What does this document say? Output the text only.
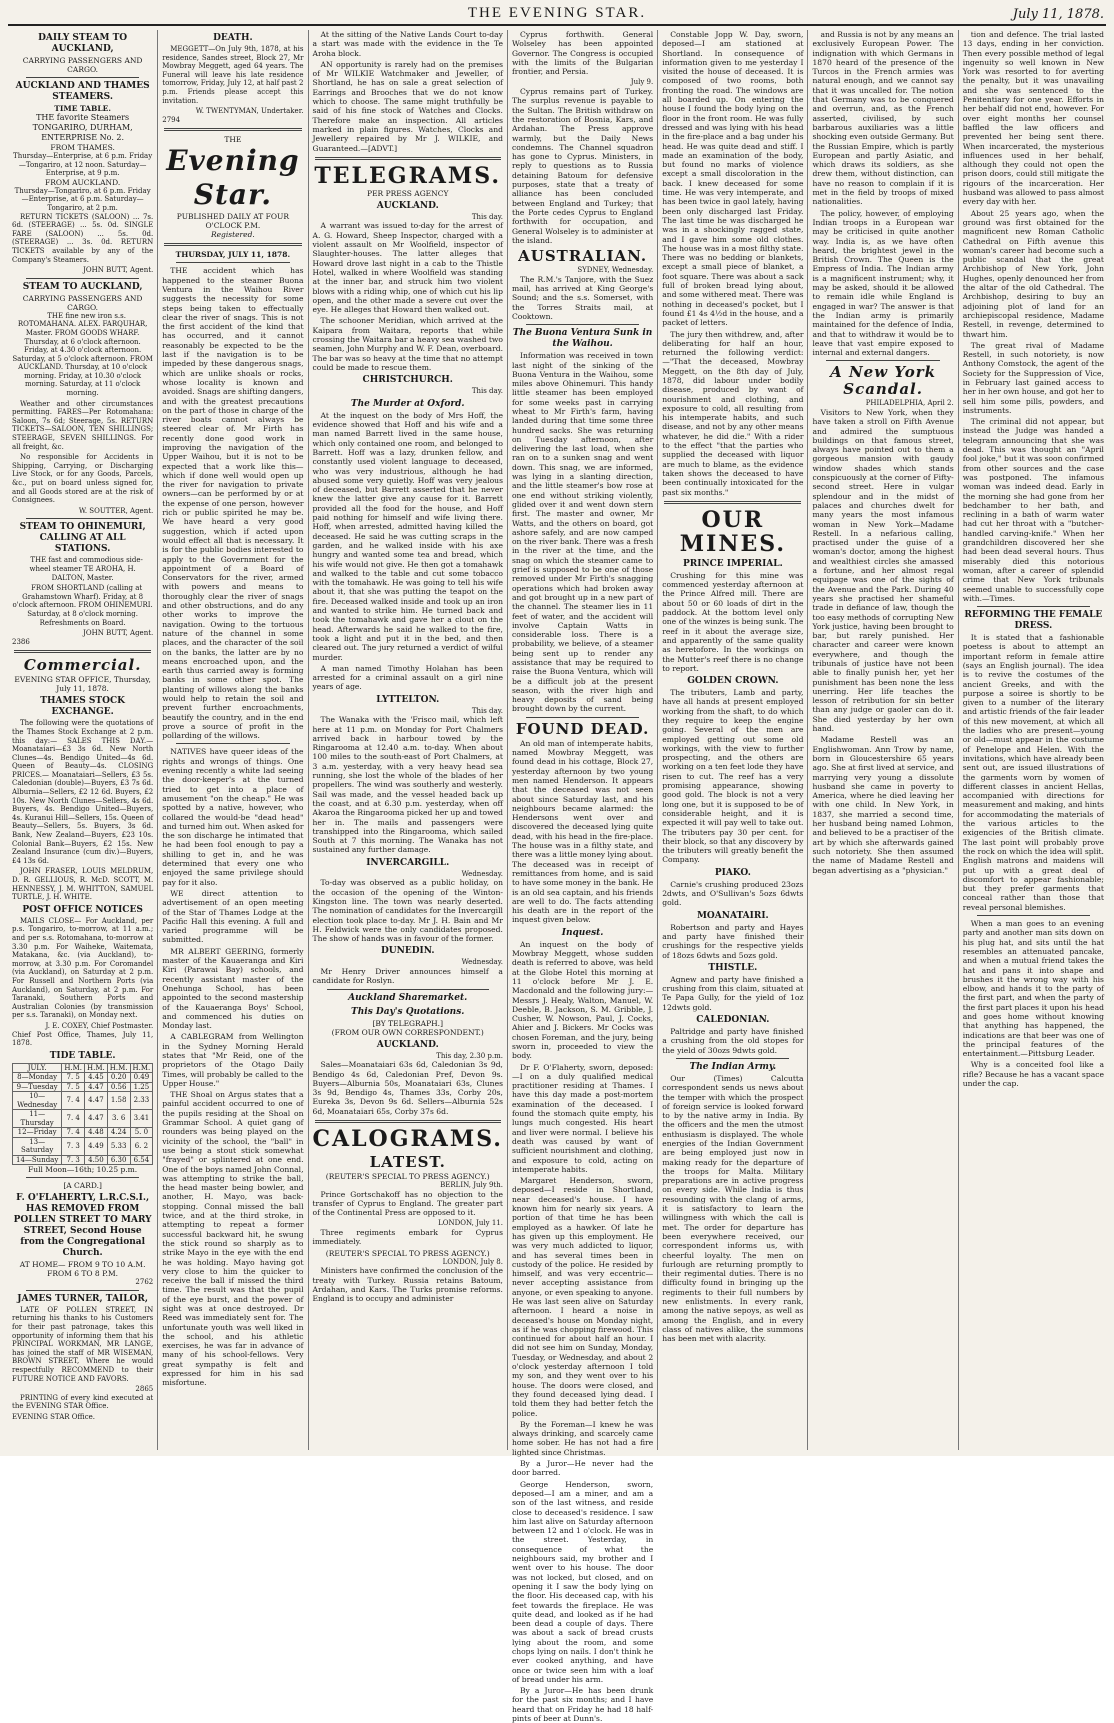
THE EVENING STAR.	July 11, 1878.
DAILY STEAM TO AUCKLAND,
CARRYING PASSENGERS AND CARGO.
AUCKLAND AND THAMES STEAMERS.
TIME TABLE.
THE favorite Steamers TONGARIRO, DURHAM, ENTERPRISE No. 2.
FROM THAMES.
Thursday—Enterprise, at 6 p.m. Friday—Tongariro, at 12 noon. Saturday—Enterprise, at 9 p.m.
FROM AUCKLAND.
Thursday—Tongariro, at 6 p.m. Friday—Enterprise, at 6 p.m. Saturday—Tongariro, at 2 p.m.

RETURN TICKETS (SALOON) ... 7s. 6d. (STEERAGE) ... 5s. 0d. SINGLE FARE (SALOON) ... 5s. 0d. (STEERAGE) ... 3s. 0d. RETURN TICKETS available by any of the Company's Steamers.

JOHN BUTT, Agent.
STEAM TO AUCKLAND,
CARRYING PASSENGERS AND CARGO.

THE fine new iron s.s. ROTOMAHANA. ALEX. FARQUHAR, Master. FROM GOODS WHARF. Thursday, at 6 o'clock afternoon. Friday, at 4.30 o'clock afternoon. Saturday, at 5 o'clock afternoon. FROM AUCKLAND. Thursday, at 10 o'clock morning. Friday, at 10.30 o'clock morning. Saturday, at 11 o'clock morning.

Weather and other circumstances permitting. FARES—Per Rotomahana: Saloon, 7s 6d; Steerage, 5s. RETURN TICKETS—SALOON, TEN SHILLINGS; STEERAGE, SEVEN SHILLINGS. For all freight, &c.

No responsible for Accidents in Shipping, Carrying, or Discharging Live Stock, or for any Goods, Parcels, &c., put on board unless signed for, and all Goods stored are at the risk of Consignees.

W. SOUTTER, Agent.
STEAM TO OHINEMURI, CALLING AT ALL STATIONS.

THE fast and commodious side-wheel steamer TE AROHA, H. DALTON, Master.

FROM SHORTLAND (calling at Grahamstown Wharf). Friday, at 8 o'clock afternoon. FROM OHINEMURI. Saturday, at 8 o'clock morning. Refreshments on Board.

JOHN BUTT, Agent.
2386
Commercial.
EVENING STAR OFFICE, Thursday, July 11, 1878.
THAMES STOCK EXCHANGE.

The following were the quotations of the Thames Stock Exchange at 2 p.m. this day:— SALES THIS DAY.— Moanataiari—£3 3s 6d. New North Clunes—4s. Bendigo United—4s 6d. Queen of Beauty—4s. CLOSING PRICES.— Moanataiari—Sellers, £3 5s. Caledonian (double)—Buyers, £3 7s 6d. Alburnia—Sellers, £2 12 6d. Buyers, £2 10s. New North Clunes—Sellers, 4s 6d. Buyers, 4s. Bendigo United—Buyers, 4s. Kuranui Hill—Sellers, 15s. Queen of Beauty—Sellers, 5s. Buyers, 3s 6d. Bank, New Zealand—Buyers, £23 10s. Colonial Bank—Buyers, £2 15s. New Zealand Insurance (cum div.)—Buyers, £4 13s 6d.

JOHN FRASER, LOUIS MELDRUM, D. R. GELLIOUS, R. McD. SCOTT, M. HENNESSY, J. M. WHITTON, SAMUEL TURTLE, J. H. WHITE.

POST OFFICE NOTICES

MAILS CLOSE— For Auckland, per p.s. Tongariro, to-morrow, at 11 a.m.; and per s.s. Rotomahana, to-morrow at 3.30 p.m. For Waiheke, Waitemata, Matakana, &c. (via Auckland), to-morrow, at 3.30 p.m. For Coromandel (via Auckland), on Saturday at 2 p.m. For Russell and Northern Ports (via Auckland), on Saturday, at 2 p.m. For Taranaki, Southern Ports and Australian Colonies (by transmission per s.s. Taranaki), on Monday next.

J. E. COXEY, Chief Postmaster.
Chief Post Office, Thames, July 11, 1878.
TIDE TABLE.
JULY.	H.M.	H.M.	H.M.	H.M.
8—Monday	7. 5	4.45	0.20	0.49
9—Tuesday	7. 5	4.47	0.56	1.25
10—Wednesday	7. 4	4.47	1.58	2.33
11—Thursday	7. 4	4.47	3. 6	3.41
12—Friday	7. 4	4.48	4.24	5. 0
13—Saturday	7. 3	4.49	5.33	6. 2
14—Sunday	7. 3	4.50	6.30	6.54
Full Moon—16th; 10.25 p.m.
[A CARD.]
F. O'FLAHERTY, L.R.C.S.I., HAS REMOVED FROM POLLEN STREET TO MARY STREET, Second House from the Congregational Church.
AT HOME— FROM 9 TO 10 A.M. FROM 6 TO 8 P.M.
2762
JAMES TURNER, TAILOR,

LATE OF POLLEN STREET, IN returning his thanks to his Customers for their past patronage, takes this opportunity of informing them that his PRINCIPAL WORKMAN, MR LANGE, has joined the staff of MR WISEMAN, BROWN STREET, Where he would respectfully RECOMMEND to their FUTURE NOTICE AND FAVORS.

2865

PRINTING of every kind executed at the EVENING STAR Office.

EVENING STAR Office.
DEATH.

MEGGETT—On July 9th, 1878, at his residence, Sandes street, Block 27, Mr Mowbray Meggett, aged 64 years. The Funeral will leave his late residence tomorrow, Friday, July 12, at half past 2 p.m. Friends please accept this invitation.

W. TWENTYMAN, Undertaker.
2794
THE
Evening Star.
PUBLISHED DAILY AT FOUR O'CLOCK P.M.
Registered.
THURSDAY, JULY 11, 1878.

THE accident which has happened to the steamer Buona Ventura in the Waihou River suggests the necessity for some steps being taken to effectually clear the river of snags. This is not the first accident of the kind that has occurred, and it cannot reasonably be expected to be the last if the navigation is to be impeded by these dangerous snags, which are unlike shoals or rocks, whose locality is known and avoided. Snags are shifting dangers, and with the greatest precautions on the part of those in charge of the river boats cannot always be steered clear of. Mr Firth has recently done good work in improving the navigation of the Upper Waihou, but it is not to be expected that a work like this—which if done well would open up the river for navigation to private owners—can be performed by or at the expense of one person, however rich or public spirited he may be. We have heard a very good suggestion, which if acted upon would effect all that is necessary. It is for the public bodies interested to apply to the Government for the appointment of a Board of Conservators for the river, armed with powers and means to thoroughly clear the river of snags and other obstructions, and do any other works to improve the navigation. Owing to the tortuous nature of the channel in some places, and the character of the soil on the banks, the latter are by no means encroached upon, and the earth thus carried away is forming banks in some other spot. The planting of willows along the banks would help to retain the soil and prevent further encroachments, beautify the country, and in the end prove a source of profit in the pollarding of the willows.

NATIVES have queer ideas of the rights and wrongs of things. One evening recently a white lad seeing the door-keeper's at the turned tried to get into a place of amusement "on the cheap." He was spotted by a native, however, who collared the would-be "dead head" and turned him out. When asked for the son discharge he intimated that he had been fool enough to pay a shilling to get in, and he was determined that every one who enjoyed the same privilege should pay for it also.

WE direct attention to advertisement of an open meeting of the Star of Thames Lodge at the Pacific Hall this evening. A full and varied programme will be submitted.

MR ALBERT GEERING, formerly master of the Kauaeranga and Kiri Kiri (Parawai Bay) schools, and recently assistant master of the Onehunga School, has been appointed to the second mastership of the Kauaeranga Boys' School, and commenced his duties on Monday last.

A CABLEGRAM from Wellington in the Sydney Morning Herald states that "Mr Reid, one of the proprietors of the Otago Daily Times, will probably be called to the Upper House."

THE Shoal on Argus states that a painful accident occurred to one of the pupils residing at the Shoal on Grammar School. A quiet gang of rounders was being played on the vicinity of the school, the "ball" in use being a stout stick somewhat "frayed" or splintered at one end. One of the boys named John Connal, was attempting to strike the ball, the head master being bowler, and another, H. Mayo, was back-stopping. Connal missed the ball twice, and at the third stroke, in attempting to repeat a former successful backward hit, he swung the stick round so sharply as to strike Mayo in the eye with the end he was holding. Mayo having got very close to him the quicker to receive the ball if missed the third time. The result was that the pupil of the eye burst, and the power of sight was at once destroyed. Dr Reed was immediately sent for. The unfortunate youth was well liked in the school, and his athletic exercises, he was far in advance of many of his school-fellows. Very great sympathy is felt and expressed for him in his sad misfortune.

At the sitting of the Native Lands Court to-day a start was made with the evidence in the Te Aroha block.

AN opportunity is rarely had on the premises of Mr WILKIE Watchmaker and Jeweller, of Shortland, he has on sale a great selection of Earrings and Brooches that we do not know which to choose. The same might truthfully be said of his fine stock of Watches and Clocks. Therefore make an inspection. All articles marked in plain figures. Watches, Clocks and Jewellery repaired by Mr J. WILKIE, and Guaranteed.—[ADVT.]

TELEGRAMS.
PER PRESS AGENCY
AUCKLAND.
This day.

A warrant was issued to-day for the arrest of A. G. Howard, Sheep Inspector, charged with a violent assault on Mr Woolfield, inspector of Slaughter-houses. The latter alleges that Howard drove last night in a cab to the Thistle Hotel, walked in where Woolfield was standing at the inner bar, and struck him two violent blows with a riding whip, one of which cut his lip open, and the other made a severe cut over the eye. He alleges that Howard then walked out.

The schooner Meridian, which arrived at the Kaipara from Waitara, reports that while crossing the Waitara bar a heavy sea washed two seamen, John Murphy and W. F. Dean, overboard. The bar was so heavy at the time that no attempt could be made to rescue them.

CHRISTCHURCH.
This day.
The Murder at Oxford.

At the inquest on the body of Mrs Hoff, the evidence showed that Hoff and his wife and a man named Barrett lived in the same house, which only contained one room, and belonged to Barrett. Hoff was a lazy, drunken fellow, and constantly used violent language to deceased, who was very industrious, although he had abused some very quietly. Hoff was very jealous of deceased, but Barrett asserted that he never knew the latter give any cause for it. Barrett provided all the food for the house, and Hoff paid nothing for himself and wife living there. Hoff, when arrested, admitted having killed the deceased. He said he was cutting scraps in the garden, and he walked inside with his axe hungry and wanted some tea and bread, which his wife would not give. He then got a tomahawk and walked to the table and cut some tobacco with the tomahawk. He was going to tell his wife about it, that she was putting the teapot on the fire. Deceased walked inside and took up an iron and wanted to strike him. He turned back and took the tomahawk and gave her a clout on the head. Afterwards he said he walked to the fire, took a light and put it in the bed, and then cleared out. The jury returned a verdict of wilful murder.

A man named Timothy Holahan has been arrested for a criminal assault on a girl nine years of age.

LYTTELTON.
This day.

The Wanaka with the 'Frisco mail, which left here at 11 p.m. on Monday for Port Chalmers arrived back in harbour towed by the Ringarooma at 12.40 a.m. to-day. When about 100 miles to the south-east of Port Chalmers, at 3 a.m. yesterday, with a very heavy head sea running, she lost the whole of the blades of her propellers. The wind was southerly and westerly. Sail was made, and the vessel headed back up the coast, and at 6.30 p.m. yesterday, when off Akaroa the Ringarooma picked her up and towed her in. The mails and passengers were transhipped into the Ringarooma, which sailed South at 7 this morning. The Wanaka has not sustained any further damage.

INVERCARGILL.
Wednesday.

To-day was observed as a public holiday, on the occasion of the opening of the Winton-Kingston line. The town was nearly deserted. The nomination of candidates for the Invercargill election took place to-day. Mr J. H. Bain and Mr H. Feldwick were the only candidates proposed. The show of hands was in favour of the former.

DUNEDIN.
Wednesday.

Mr Henry Driver announces himself a candidate for Roslyn.

Auckland Sharemarket.
This Day's Quotations.
[BY TELEGRAPH.]
(FROM OUR OWN CORRESPONDENT.)
AUCKLAND.
This day, 2.30 p.m.

Sales—Moanataiari 63s 6d, Caledonian 3s 9d, Bendigo 4s 6d, Caledonian Pref, Devon 9s. Buyers—Alburnia 50s, Moanataiari 63s, Clunes 3s 9d, Bendigo 4s, Thames 33s, Corby 20s, Eureka 3s, Devon 9s 6d. Sellers—Alburnia 52s 6d, Moanataiari 65s, Corby 37s 6d.

CALOGRAMS.
LATEST.
(REUTER'S SPECIAL TO PRESS AGENCY.)
BERLIN, July 9th.

Prince Gortschakoff has no objection to the transfer of Cyprus to England. The greater part of the Continental Press are opposed to it.

LONDON, July 11.

Three regiments embark for Cyprus immediately.

(REUTER'S SPECIAL TO PRESS AGENCY.)
LONDON, July 8.

Ministers have confirmed the conclusion of the treaty with Turkey. Russia retains Batoum, Ardahan, and Kars. The Turks promise reforms. England is to occupy and administer

Cyprus forthwith. General Wolseley has been appointed Governor. The Congress is occupied with the limits of the Bulgarian frontier, and Persia.

July 9.

Cyprus remains part of Turkey. The surplus revenue is payable to the Sultan. The British withdraw on the restoration of Bosnia, Kars, and Ardahan. The Press approve warmly, but the Daily News condemns. The Channel squadron has gone to Cyprus. Ministers, in reply to questions as to Russia detaining Batoum for defensive purposes, state that a treaty of alliance has been concluded between England and Turkey; that the Porte cedes Cyprus to England forthwith for occupation, and General Wolseley is to administer at the island.

AUSTRALIAN.
SYDNEY, Wednesday.

The R.M.'s Tanjore, with the Suez mail, has arrived at King George's Sound; and the s.s. Somerset, with the Torres Straits mail, at Cooktown.

The Buona Ventura Sunk in the Waihou.

Information was received in town last night of the sinking of the Buona Ventura in the Waihou, some miles above Ohinemuri. This handy little steamer has been employed for some weeks past in carrying wheat to Mr Firth's farm, having landed during that time some three hundred sacks. She was returning on Tuesday afternoon, after delivering the last load, when she ran on to a sunken snag and went down. This snag, we are informed, was lying in a slanting direction, and the little steamer's bow rose at one end without striking violently, glided over it and went down stern first. The master and owner, Mr Watts, and the others on board, got ashore safely, and are now camped on the river bank. There was a fresh in the river at the time, and the snag on which the steamer came to grief is supposed to be one of those removed under Mr Firth's snagging operations which had broken away and got brought up in a new part of the channel. The steamer lies in 11 feet of water, and the accident will involve Captain Watts in considerable loss. There is a probability, we believe, of a steamer being sent up to render any assistance that may be required to raise the Buona Ventura, which will be a difficult job at the present season, with the river high and heavy deposits of sand being brought down by the current.

FOUND DEAD.

An old man of intemperate habits, named Mowbray Meggett, was found dead in his cottage, Block 27, yesterday afternoon by two young men named Henderson. It appears that the deceased was not seen about since Saturday last, and his neighbours became alarmed: the Hendersons went over and discovered the deceased lying quite dead, with his head in the fire-place. The house was in a filthy state, and there was a little money lying about. The deceased was in receipt of remittances from home, and is said to have some money in the bank. He is an old sea captain, and his friends are well to do. The facts attending his death are in the report of the inquest given below.

Inquest.

An inquest on the body of Mowbray Meggett, whose sudden death is referred to above, was held at the Globe Hotel this morning at 11 o'clock before Mr J. E. Macdonald and the following jury:—Messrs J. Healy, Walton, Manuel, W. Deeble, B. Jackson, S. M. Gribble, J. Cusher, W. Nowson, Paul, J. Cocks, Ahier and J. Bickers. Mr Cocks was chosen Foreman, and the jury, being sworn in, proceeded to view the body.

Dr F. O'Flaherty, sworn, deposed:—I on a duly qualified medical practitioner residing at Thames. I have this day made a post-mortem examination of the deceased. I found the stomach quite empty, his lungs much congested. His heart and liver were normal. I believe his death was caused by want of sufficient nourishment and clothing, and exposure to cold, acting on intemperate habits.

Margaret Henderson, sworn, deposed—I reside in Shortland, near deceased's house. I have known him for nearly six years. A portion of that time he has been employed as a hawker. Of late he has given up this employment. He was very much addicted to liquor, and has several times been in custody of the police. He resided by himself, and was very eccentric—never accepting assistance from anyone, or even speaking to anyone. He was last seen alive on Saturday afternoon. I heard a noise in deceased's house on Monday night, as if he was chopping firewood. This continued for about half an hour. I did not see him on Sunday, Monday, Tuesday, or Wednesday, and about 2 o'clock yesterday afternoon I told my son, and they went over to his house. The doors were closed, and they found deceased lying dead. I told them they had better fetch the police.

By the Foreman—I knew he was always drinking, and scarcely came home sober. He has not had a fire lighted since Christmas.

By a Juror—He never had the door barred.

George Henderson, sworn, deposed—I am a miner, and am a son of the last witness, and reside close to deceased's residence. I saw him last alive on Saturday afternoon between 12 and 1 o'clock. He was in the street. Yesterday, in consequence of what the neighbours said, my brother and I went over to his house. The door was not locked, but closed, and on opening it I saw the body lying on the floor. His deceased cap, with his feet towards the fireplace. He was quite dead, and looked as if he had been dead a couple of days. There was about a sack of bread crusts lying about the room, and some chops lying on nails. I don't think he ever cooked anything, and have once or twice seen him with a loaf of bread under his arm.

By a Juror—He has been drunk for the past six months; and I have heard that on Friday he had 18 half-pints of beer at Dunn's.

Constable Jopp W. Day, sworn, deposed—I am stationed at Shortland. In consequence of information given to me yesterday I visited the house of deceased. It is composed of two rooms, both fronting the road. The windows are all boarded up. On entering the house I found the body lying on the floor in the front room. He was fully dressed and was lying with his head in the fire-place and a bag under his head. He was quite dead and stiff. I made an examination of the body, but found no marks of violence except a small discoloration in the back. I knew deceased for some time. He was very intemperate, and has been twice in gaol lately, having been only discharged last Friday. The last time he was discharged he was in a shockingly ragged state, and I gave him some old clothes. The house was in a most filthy state. There was no bedding or blankets, except a small piece of blanket, a foot square. There was about a sack full of broken bread lying about, and some withered meat. There was nothing in deceased's pocket, but I found £1 4s 4½d in the house, and a packet of letters.

The jury then withdrew, and, after deliberating for half an hour, returned the following verdict:—"That the deceased, Mowbray Meggett, on the 8th day of July, 1878, did labour under bodily disease, produced by want of nourishment and clothing, and exposure to cold, all resulting from his intemperate habits, and such disease, and not by any other means whatever, he did die." With a rider to the effect "that the parties who supplied the deceased with liquor are much to blame, as the evidence taken shows the deceased to have been continually intoxicated for the past six months."

OUR MINES.
PRINCE IMPERIAL.

Crushing for this mine was commenced yesterday afternoon at the Prince Alfred mill. There are about 50 or 60 loads of dirt in the paddock. At the bottom level only one of the winzes is being sunk. The reef in it about the average size, and apparently of the same quality as heretofore. In the workings on the Mutter's reef there is no change to report.

GOLDEN CROWN.

The tributers, Lamb and party, have all hands at present employed working from the shaft, to do which they require to keep the engine going. Several of the men are employed getting out some old workings, with the view to further prospecting, and the others are working on a ten feet lode they have risen to cut. The reef has a very promising appearance, showing good gold. The block is not a very long one, but it is supposed to be of considerable height, and it is expected it will pay well to take out. The tributers pay 30 per cent. for their block, so that any discovery by the tributers will greatly benefit the Company.

PIAKO.

Carnie's crushing produced 23ozs 2dwts, and O'Sullivan's 5ozs 6dwts gold.

MOANATAIRI.

Robertson and party and Hayes and party have finished their crushings for the respective yields of 18ozs 6dwts and 5ozs gold.

THISTLE.

Agnew and party have finished a crushing from this claim, situated at Te Papa Gully, for the yield of 1oz 12dwts gold.

CALEDONIAN.

Paltridge and party have finished a crushing from the old stopes for the yield of 30ozs 9dwts gold.

The Indian Army.

Our (Times) Calcutta correspondent sends us news about the temper with which the prospect of foreign service is looked forward to by the native army in India. By the officers and the men the utmost enthusiasm is displayed. The whole energies of the Indian Government are being employed just now in making ready for the departure of the troops for Malta. Military preparations are in active progress on every side. While India is thus resounding with the clang of arms, it is satisfactory to learn the willingness with which the call is met. The order for departure has been everywhere received, our correspondent informs us, with cheerful loyalty. The men on furlough are returning promptly to their regimental duties. There is no difficulty found in bringing up the regiments to their full numbers by new enlistments. In every rank, among the native sepoys, as well as among the English, and in every class of natives alike, the summons has been met with alacrity.

and Russia is not by any means an exclusively European Power. The indignation with which Germans in 1870 heard of the presence of the Turcos in the French armies was natural enough, and we cannot say that it was uncalled for. The notion that Germany was to be conquered and overrun, and, as the French asserted, civilised, by such barbarous auxiliaries was a little shocking even outside Germany. But the Russian Empire, which is partly European and partly Asiatic, and which draws its soldiers, as she drew them, without distinction, can have no reason to complain if it is met in the field by troops of mixed nationalities.

The policy, however, of employing Indian troops in a European war may be criticised in quite another way. India is, as we have often heard, the brightest jewel in the British Crown. The Queen is the Empress of India. The Indian army is a magnificent instrument; why, it may be asked, should it be allowed to remain idle while England is engaged in war? The answer is that the Indian army is primarily maintained for the defence of India, and that to withdraw it would be to leave that vast empire exposed to internal and external dangers.

A New York Scandal.
PHILADELPHIA, April 2.

Visitors to New York, when they have taken a stroll on Fifth Avenue and admired the sumptuous buildings on that famous street, always have pointed out to them a gorgeous mansion with gaudy window shades which stands conspicuously at the corner of Fifty-second street. Here in vulgar splendour and in the midst of palaces and churches dwelt for many years the most infamous woman in New York—Madame Restell. In a nefarious calling, practised under the guise of a woman's doctor, among the highest and wealthiest circles she amassed a fortune, and her almost regal equipage was one of the sights of the Avenue and the Park. During 40 years she practised her shameful trade in defiance of law, though the too easy methods of corrupting New York justice, having been brought to bar, but rarely punished. Her character and career were known everywhere, and though the tribunals of justice have not been able to finally punish her, yet her punishment has been none the less unerring. Her life teaches the lesson of retribution for sin better than any judge or gaoler can do it. She died yesterday by her own hand.

Madame Restell was an Englishwoman. Ann Trow by name, born in Gloucestershire 65 years ago. She at first lived at service, and marrying very young a dissolute husband she came in poverty to America, where he died leaving her with one child. In New York, in 1837, she married a second time, her husband being named Lohmon, and believed to be a practiser of the art by which she afterwards gained such notoriety. She then assumed the name of Madame Restell and began advertising as a "physician."

tion and defence. The trial lasted 13 days, ending in her conviction. Then every possible method of legal ingenuity so well known in New York was resorted to for averting the penalty, but it was unavailing and she was sentenced to the Penitentiary for one year. Efforts in her behalf did not end, however. For over eight months her counsel baffled the law officers and prevented her being sent there. When incarcerated, the mysterious influences used in her behalf, although they could not open the prison doors, could still mitigate the rigours of the incarceration. Her husband was allowed to pass almost every day with her.

About 25 years ago, when the ground was first obtained for the magnificent new Roman Catholic Cathedral on Fifth avenue this woman's career had become such a public scandal that the great Archbishop of New York, John Hughes, openly denounced her from the altar of the old Cathedral. The Archbishop, desiring to buy an adjoining plot of land for an archiepiscopal residence, Madame Restell, in revenge, determined to thwart him.

The great rival of Madame Restell, in such notoriety, is now Anthony Comstock, the agent of the Society for the Suppression of Vice, in February last gained access to her in her own house, and got her to sell him some pills, powders, and instruments.

The criminal did not appear, but instead the Judge was handed a telegram announcing that she was dead. This was thought an "April fool joke," but it was soon confirmed from other sources and the case was postponed. The infamous woman was indeed dead. Early in the morning she had gone from her bedchamber to her bath, and reclining in a bath of warm water had cut her throat with a "butcher-handled carving-knife." When her grandchildren discovered her she had been dead several hours. Thus miserably died this notorious woman, after a career of splendid crime that New York tribunals seemed unable to successfully cope with.—Times.

REFORMING THE FEMALE DRESS.

It is stated that a fashionable poetess is about to attempt an important reform in female attire (says an English journal). The idea is to revive the costumes of the ancient Greeks, and with the purpose a soiree is shortly to be given to a number of the literary and artistic friends of the fair leader of this new movement, at which all the ladies who are present—young or old—must appear in the costume of Penelope and Helen. With the invitations, which have already been sent out, are issued illustrations of the garments worn by women of different classes in ancient Hellas, accompanied with directions for measurement and making, and hints for accommodating the materials of the various articles to the exigencies of the British climate. The last point will probably prove the rock on which the idea will split. English matrons and maidens will put up with a great deal of discomfort to appear fashionable; but they prefer garments that conceal rather than those that reveal personal blemishes.

When a man goes to an evening party and another man sits down on his plug hat, and sits until the hat resembles an attenuated pancake, and when a mutual friend takes the hat and pans it into shape and brushes it the wrong way with his elbow, and hands it to the party of the first part, and when the party of the first part places it upon his head and goes home without knowing that anything has happened, the indications are that beer was one of the principal features of the entertainment.—Pittsburg Leader.

Why is a conceited fool like a rifle? Because he has a vacant space under the cap.
